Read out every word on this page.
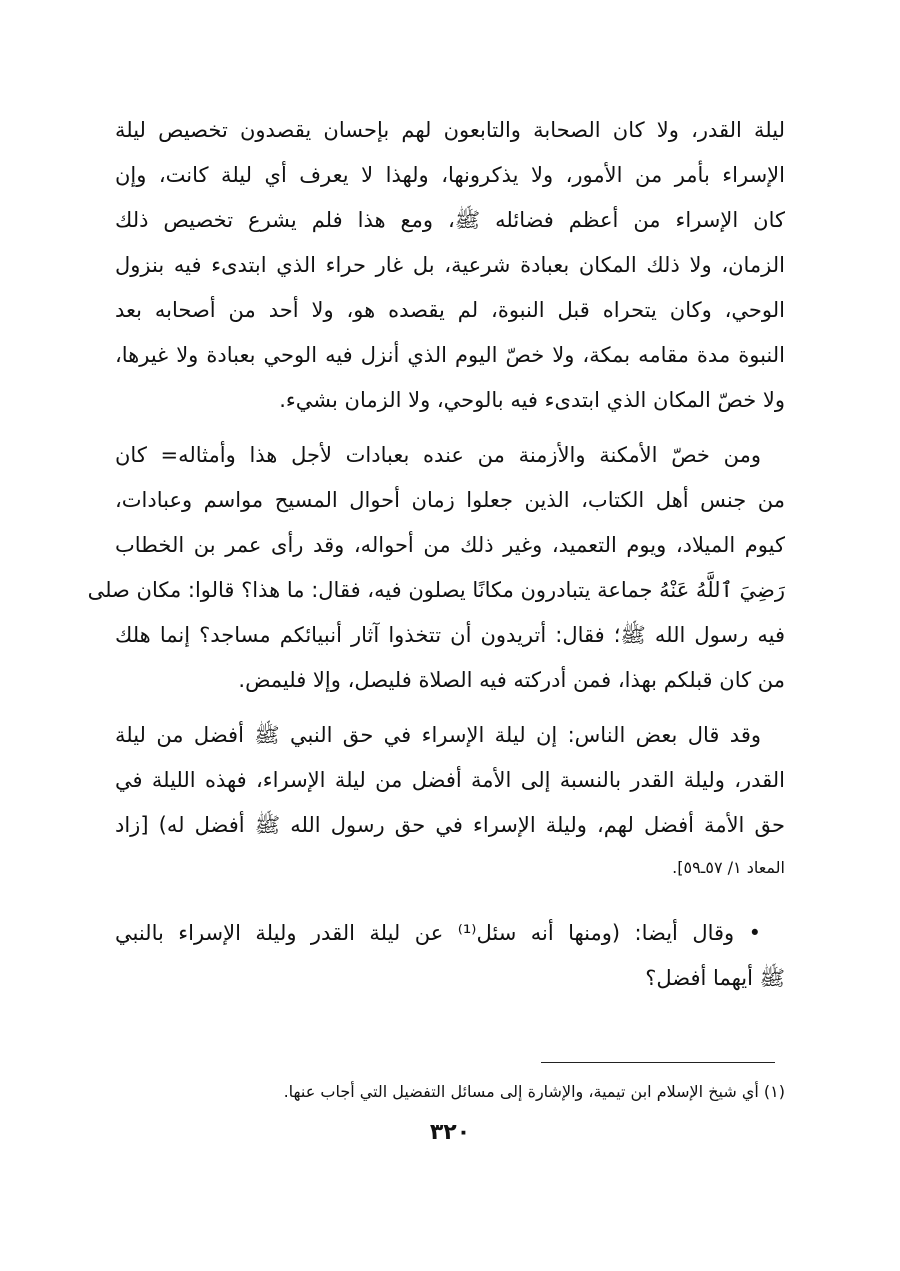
ليلة القدر، ولا كان الصحابة والتابعون لهم بإحسان يقصدون تخصيص ليلة
الإسراء بأمر من الأمور، ولا يذكرونها، ولهذا لا يعرف أي ليلة كانت، وإن
كان الإسراء من أعظم فضائله ﷺ، ومع هذا فلم يشرع تخصيص ذلك
الزمان، ولا ذلك المكان بعبادة شرعية، بل غار حراء الذي ابتدىء فيه بنزول
الوحي، وكان يتحراه قبل النبوة، لم يقصده هو، ولا أحد من أصحابه بعد
النبوة مدة مقامه بمكة، ولا خصّ اليوم الذي أنزل فيه الوحي بعبادة ولا غيرها،
ولا خصّ المكان الذي ابتدىء فيه بالوحي، ولا الزمان بشيء.
ومن خصّ الأمكنة والأزمنة من عنده بعبادات لأجل هذا وأمثاله= كان
من جنس أهل الكتاب، الذين جعلوا زمان أحوال المسيح مواسم وعبادات،
كيوم الميلاد، ويوم التعميد، وغير ذلك من أحواله، وقد رأى عمر بن الخطاب
رَضِيَ ٱللَّهُ عَنْهُ جماعة يتبادرون مكانًا يصلون فيه، فقال: ما هذا؟ قالوا: مكان صلى
فيه رسول الله ﷺ؛ فقال: أتريدون أن تتخذوا آثار أنبيائكم مساجد؟ إنما هلك
من كان قبلكم بهذا، فمن أدركته فيه الصلاة فليصل، وإلا فليمض.
وقد قال بعض الناس: إن ليلة الإسراء في حق النبي ﷺ أفضل من ليلة
القدر، وليلة القدر بالنسبة إلى الأمة أفضل من ليلة الإسراء، فهذه الليلة في
حق الأمة أفضل لهم، وليلة الإسراء في حق رسول الله ﷺ أفضل له) [زاد
المعاد ١/ ٥٧ـ٥٩].
• وقال أيضا: (ومنها أنه سئل⁽¹⁾ عن ليلة القدر وليلة الإسراء بالنبي
ﷺ أيهما أفضل؟
(١) أي شيخ الإسلام ابن تيمية، والإشارة إلى مسائل التفضيل التي أجاب عنها.
٣٢٠
